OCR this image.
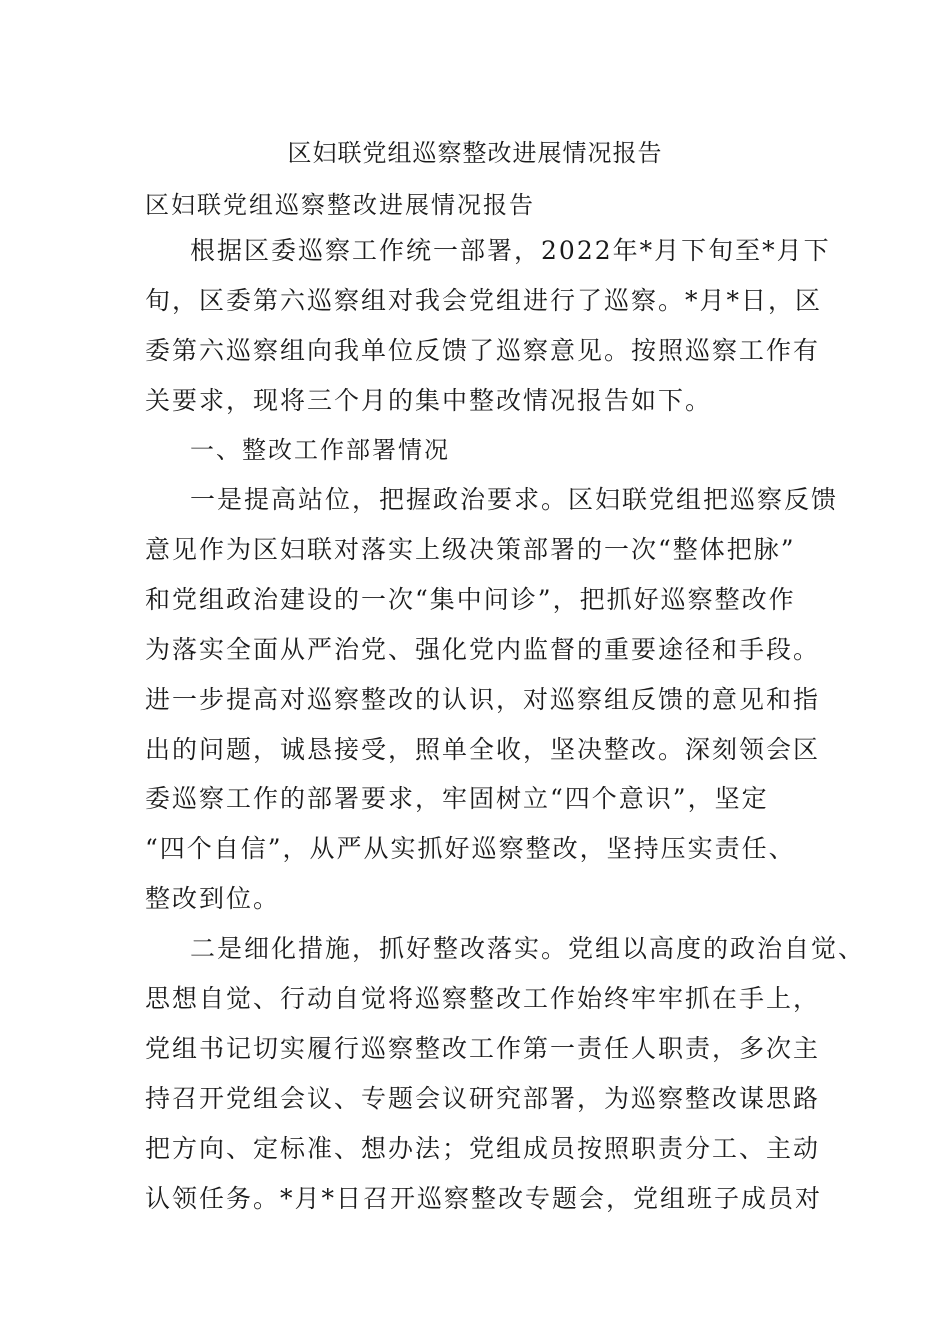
区妇联党组巡察整改进展情况报告
区妇联党组巡察整改进展情况报告
根据区委巡察工作统一部署，2022年*月下旬至*月下
旬，区委第六巡察组对我会党组进行了巡察。*月*日，区
委第六巡察组向我单位反馈了巡察意见。按照巡察工作有
关要求，现将三个月的集中整改情况报告如下。
一、整改工作部署情况
一是提高站位，把握政治要求。区妇联党组把巡察反馈
意见作为区妇联对落实上级决策部署的一次“整体把脉”
和党组政治建设的一次“集中问诊”，把抓好巡察整改作
为落实全面从严治党、强化党内监督的重要途径和手段。
进一步提高对巡察整改的认识，对巡察组反馈的意见和指
出的问题，诚恳接受，照单全收，坚决整改。深刻领会区
委巡察工作的部署要求，牢固树立“四个意识”，坚定
“四个自信”，从严从实抓好巡察整改，坚持压实责任、
整改到位。
二是细化措施，抓好整改落实。党组以高度的政治自觉、
思想自觉、行动自觉将巡察整改工作始终牢牢抓在手上，
党组书记切实履行巡察整改工作第一责任人职责，多次主
持召开党组会议、专题会议研究部署，为巡察整改谋思路
把方向、定标准、想办法；党组成员按照职责分工、主动
认领任务。*月*日召开巡察整改专题会，党组班子成员对
